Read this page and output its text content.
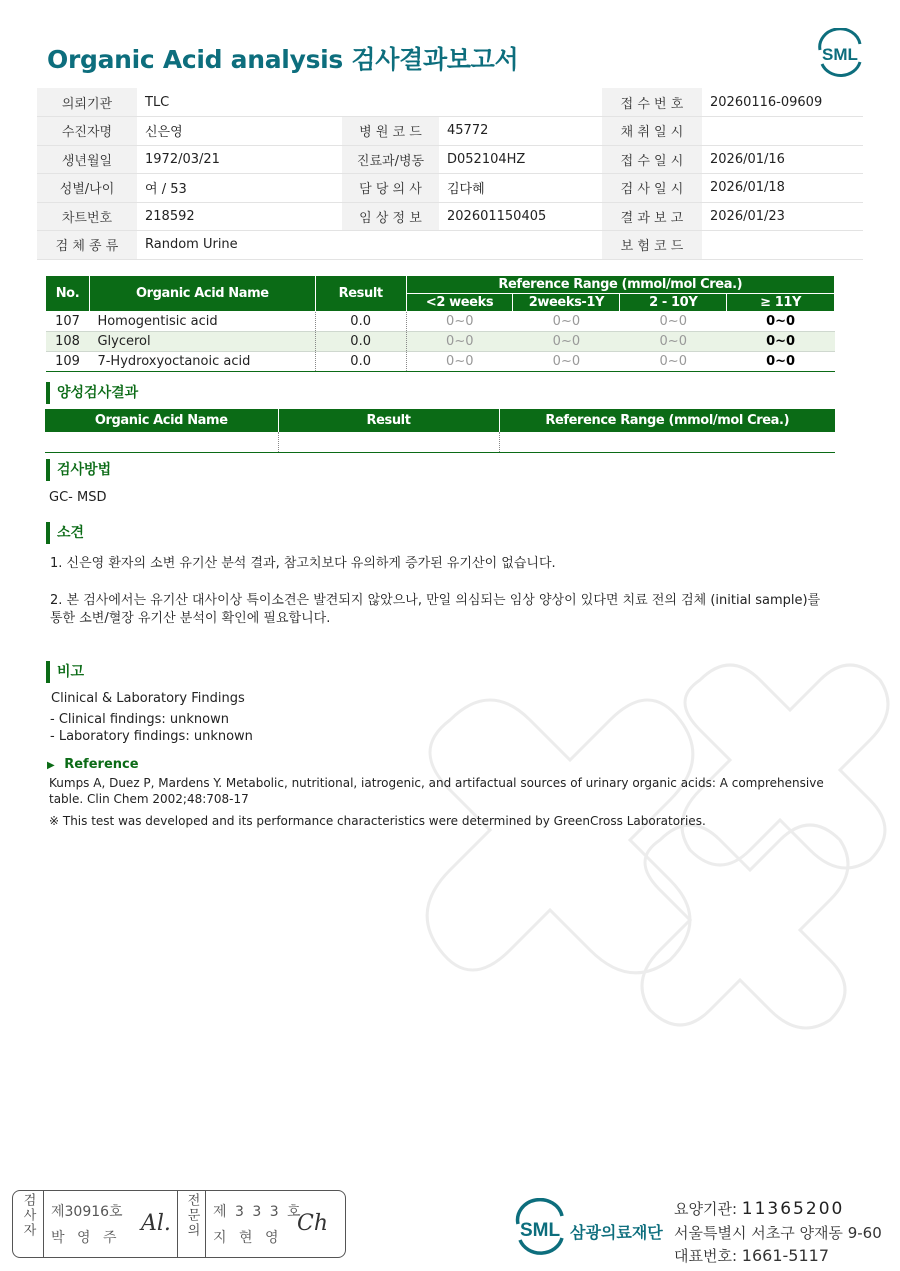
Organic Acid analysis 검사결과보고서	SML
의뢰기관	TLC			접 수 번 호	20260116-09609
수진자명	신은영	병 원 코 드	45772	채 취 일 시	
생년월일	1972/03/21	진료과/병동	D052104HZ	접 수 일 시	2026/01/16
성별/나이	여 / 53	담 당 의 사	김다혜	검 사 일 시	2026/01/18
차트번호	218592	임 상 정 보	202601150405	결 과 보 고	2026/01/23
검 체 종 류	Random Urine			보 험 코 드	
No.	Organic Acid Name	Result	Reference Range (mmol/mol Crea.)			
			<2 weeks	2weeks-1Y	2 - 10Y	≥ 11Y
107	Homogentisic acid	0.0	0~0	0~0	0~0	0~0
108	Glycerol	0.0	0~0	0~0	0~0	0~0
109	7-Hydroxyoctanoic acid	0.0	0~0	0~0	0~0	0~0
양성검사결과
Organic Acid Name	Result	Reference Range (mmol/mol Crea.)

검사방법
GC- MSD
소견
1. 신은영 환자의 소변 유기산 분석 결과, 참고치보다 유의하게 증가된 유기산이 없습니다.
2. 본 검사에서는 유기산 대사이상 특이소견은 발견되지 않았으나, 만일 의심되는 임상 양상이 있다면 치료 전의 검체 (initial sample)를
통한 소변/혈장 유기산 분석이 확인에 필요합니다.
비고
Clinical & Laboratory Findings
- Clinical findings: unknown
- Laboratory findings: unknown
▶ Reference
Kumps A, Duez P, Mardens Y. Metabolic, nutritional, iatrogenic, and artifactual sources of urinary organic acids: A comprehensive
table. Clin Chem 2002;48:708-17
※ This test was developed and its performance characteristics were determined by GreenCross Laboratories.
검사자 제30916호
박 영 주
Al. 전문의 제 3 3 3 호
지 현 영
Ch	SML 삼광의료재단
요양기관: 11365200
서울특별시 서초구 양재동 9-60
대표번호: 1661-5117
